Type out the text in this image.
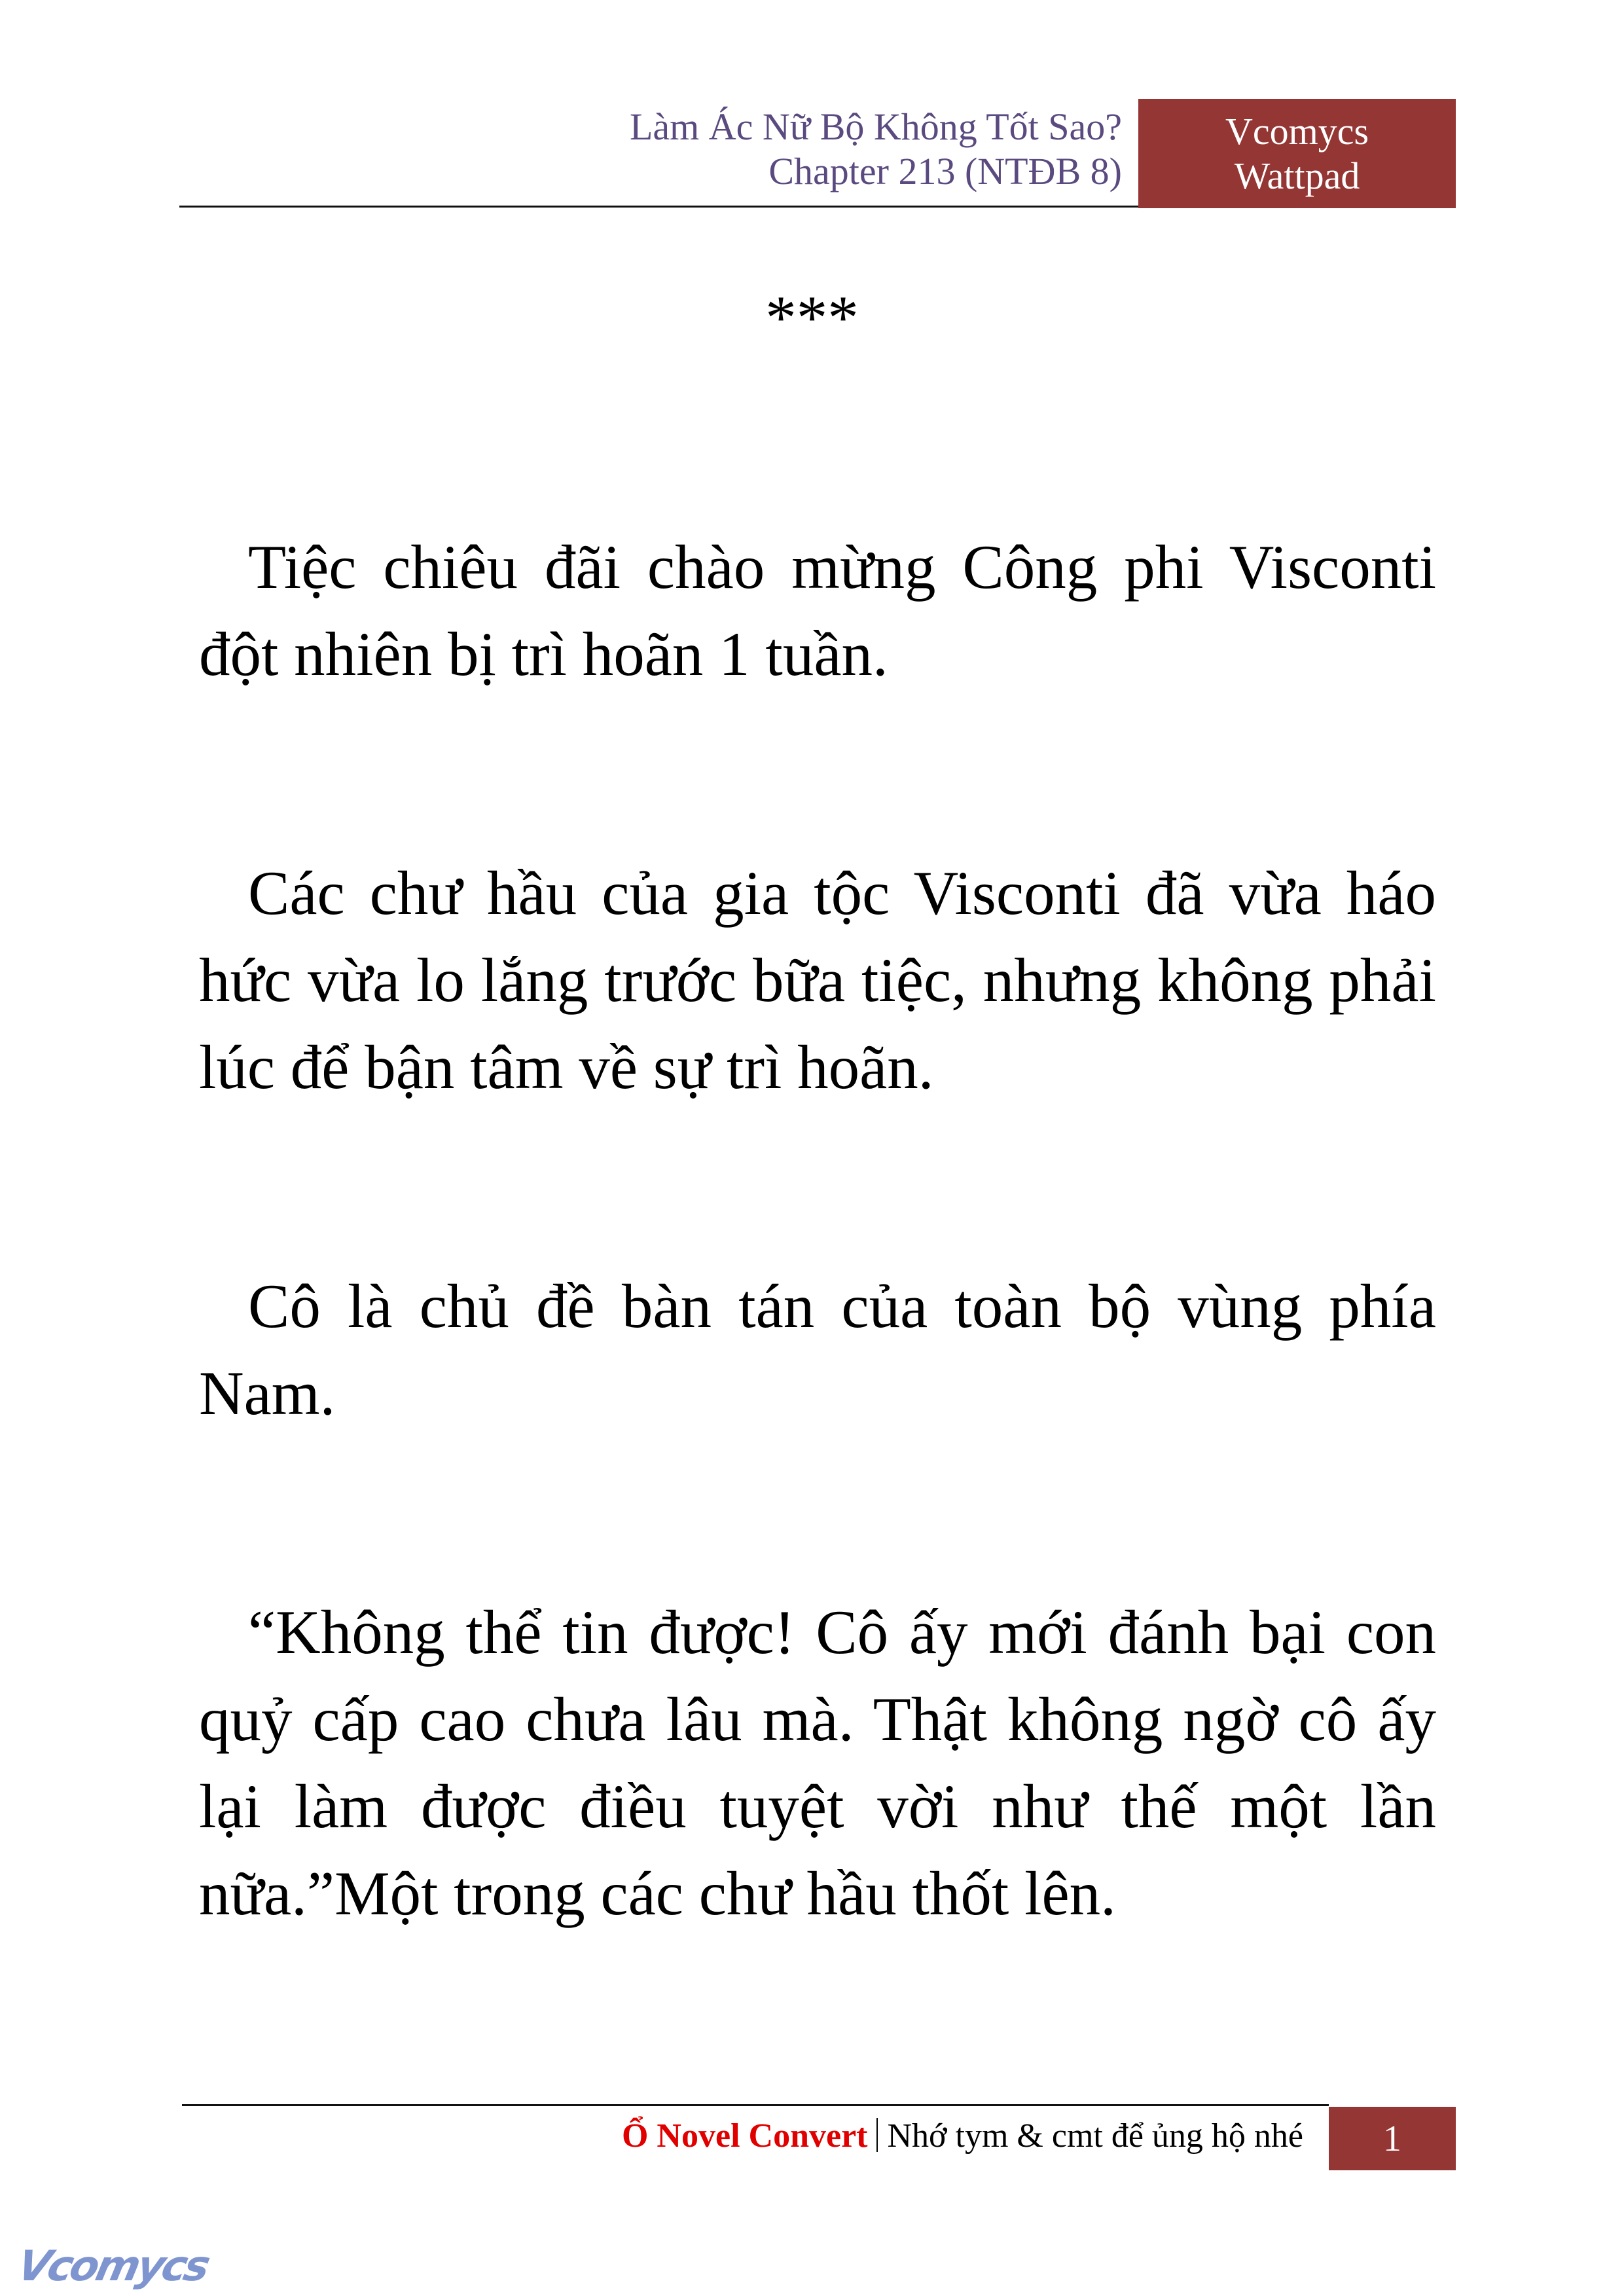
Làm Ác Nữ Bộ Không Tốt Sao?
Chapter 213 (NTĐB 8)
Vcomycs
Wattpad
***

Tiệc chiêu đãi chào mừng Công phi Visconti đột nhiên bị trì hoãn 1 tuần.

Các chư hầu của gia tộc Visconti đã vừa háo hức vừa lo lắng trước bữa tiệc, nhưng không phải lúc để bận tâm về sự trì hoãn.

Cô là chủ đề bàn tán của toàn bộ vùng phía Nam.

“Không thể tin được! Cô ấy mới đánh bại con quỷ cấp cao chưa lâu mà. Thật không ngờ cô ấy lại làm được điều tuyệt vời như thế một lần nữa.”Một trong các chư hầu thốt lên.

Ổ Novel Convert Nhớ tym & cmt để ủng hộ nhé	1
Vcomycs
